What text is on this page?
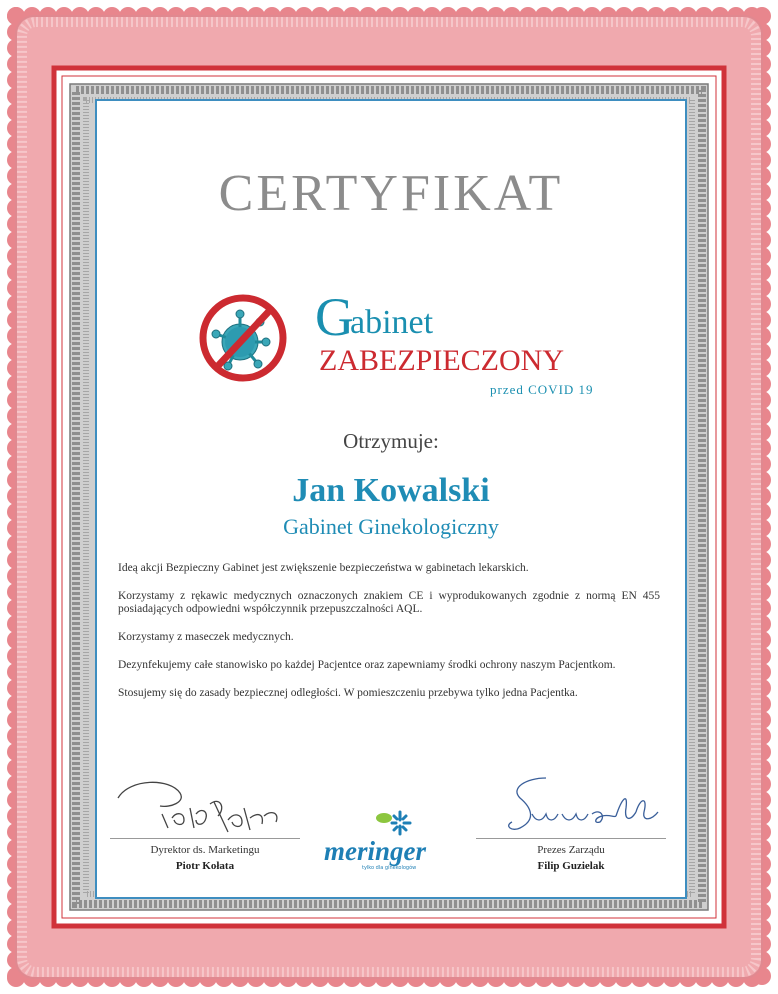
CERTYFIKAT
G
abinet
ZABEZPIECZONY
przed COVID 19
Otrzymuje:
Jan Kowalski
Gabinet Ginekologiczny

Ideą akcji Bezpieczny Gabinet jest zwiększenie bezpieczeństwa w gabinetach lekarskich.

Korzystamy z rękawic medycznych oznaczonych znakiem CE i wyprodukowanych zgodnie z normą EN 455 posiadających odpowiedni współczynnik przepuszczalności AQL.

Korzystamy z maseczek medycznych.

Dezynfekujemy całe stanowisko po każdej Pacjentce oraz zapewniamy środki ochrony naszym Pacjentkom.

Stosujemy się do zasady bezpiecznej odległości. W pomieszczeniu przebywa tylko jedna Pacjentka.

Dyrektor ds. Marketingu
Piotr Kołata	meringer
tylko dla ginekologów
Prezes Zarządu
Filip Guzielak
